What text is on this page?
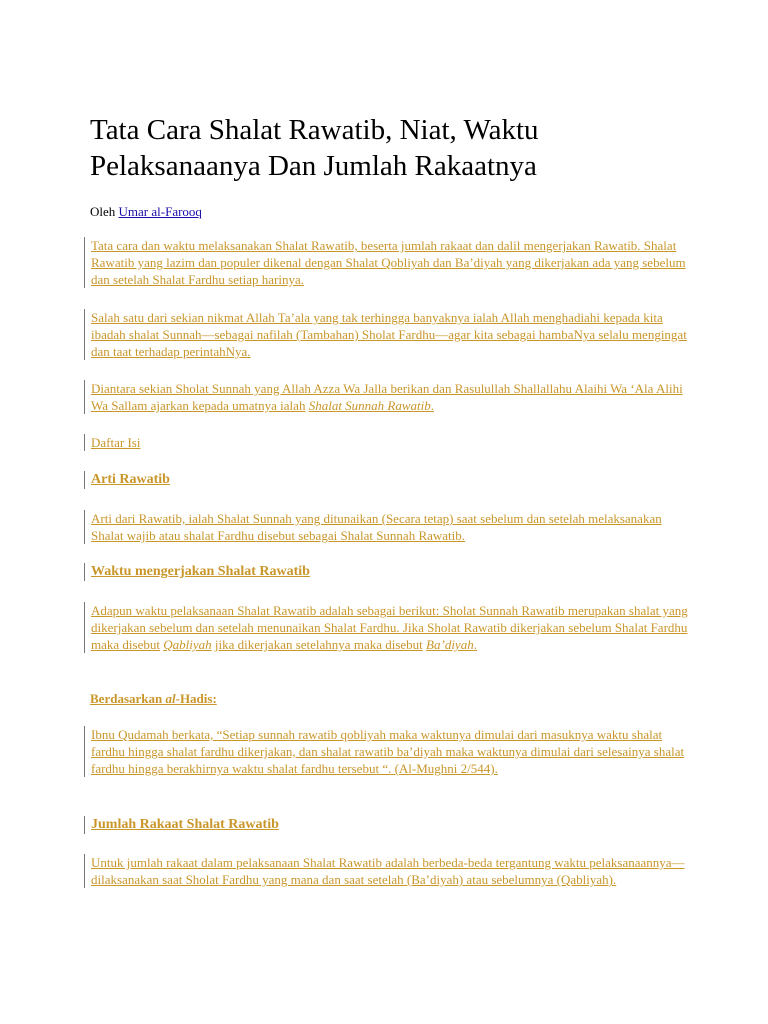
Tata Cara Shalat Rawatib, Niat, Waktu Pelaksanaanya Dan Jumlah Rakaatnya
Oleh Umar al-Farooq
Tata cara dan waktu melaksanakan Shalat Rawatib, beserta jumlah rakaat dan dalil mengerjakan Rawatib. Shalat Rawatib yang lazim dan populer dikenal dengan Shalat Qobliyah dan Ba’diyah yang dikerjakan ada yang sebelum dan setelah Shalat Fardhu setiap harinya.
Salah satu dari sekian nikmat Allah Ta’ala yang tak terhingga banyaknya ialah Allah menghadiahi kepada kita ibadah shalat Sunnah—sebagai nafilah (Tambahan) Sholat Fardhu—agar kita sebagai hambaNya selalu mengingat dan taat terhadap perintahNya.
Diantara sekian Sholat Sunnah yang Allah Azza Wa Jalla berikan dan Rasulullah Shallallahu Alaihi Wa ‘Ala Alihi Wa Sallam ajarkan kepada umatnya ialah Shalat Sunnah Rawatib.
Daftar Isi
Arti Rawatib
Arti dari Rawatib, ialah Shalat Sunnah yang ditunaikan (Secara tetap) saat sebelum dan setelah melaksanakan Shalat wajib atau shalat Fardhu disebut sebagai Shalat Sunnah Rawatib.
Waktu mengerjakan Shalat Rawatib
Adapun waktu pelaksanaan Shalat Rawatib adalah sebagai berikut: Sholat Sunnah Rawatib merupakan shalat yang dikerjakan sebelum dan setelah menunaikan Shalat Fardhu. Jika Sholat Rawatib dikerjakan sebelum Shalat Fardhu maka disebut Qabliyah jika dikerjakan setelahnya maka disebut Ba’diyah.
Berdasarkan al-Hadis:
Ibnu Qudamah berkata, “Setiap sunnah rawatib qobliyah maka waktunya dimulai dari masuknya waktu shalat fardhu hingga shalat fardhu dikerjakan, dan shalat rawatib ba’diyah maka waktunya dimulai dari selesainya shalat fardhu hingga berakhirnya waktu shalat fardhu tersebut “. (Al-Mughni 2/544).
Jumlah Rakaat Shalat Rawatib
Untuk jumlah rakaat dalam pelaksanaan Shalat Rawatib adalah berbeda-beda tergantung waktu pelaksanaannya—dilaksanakan saat Sholat Fardhu yang mana dan saat setelah (Ba’diyah) atau sebelumnya (Qabliyah).
